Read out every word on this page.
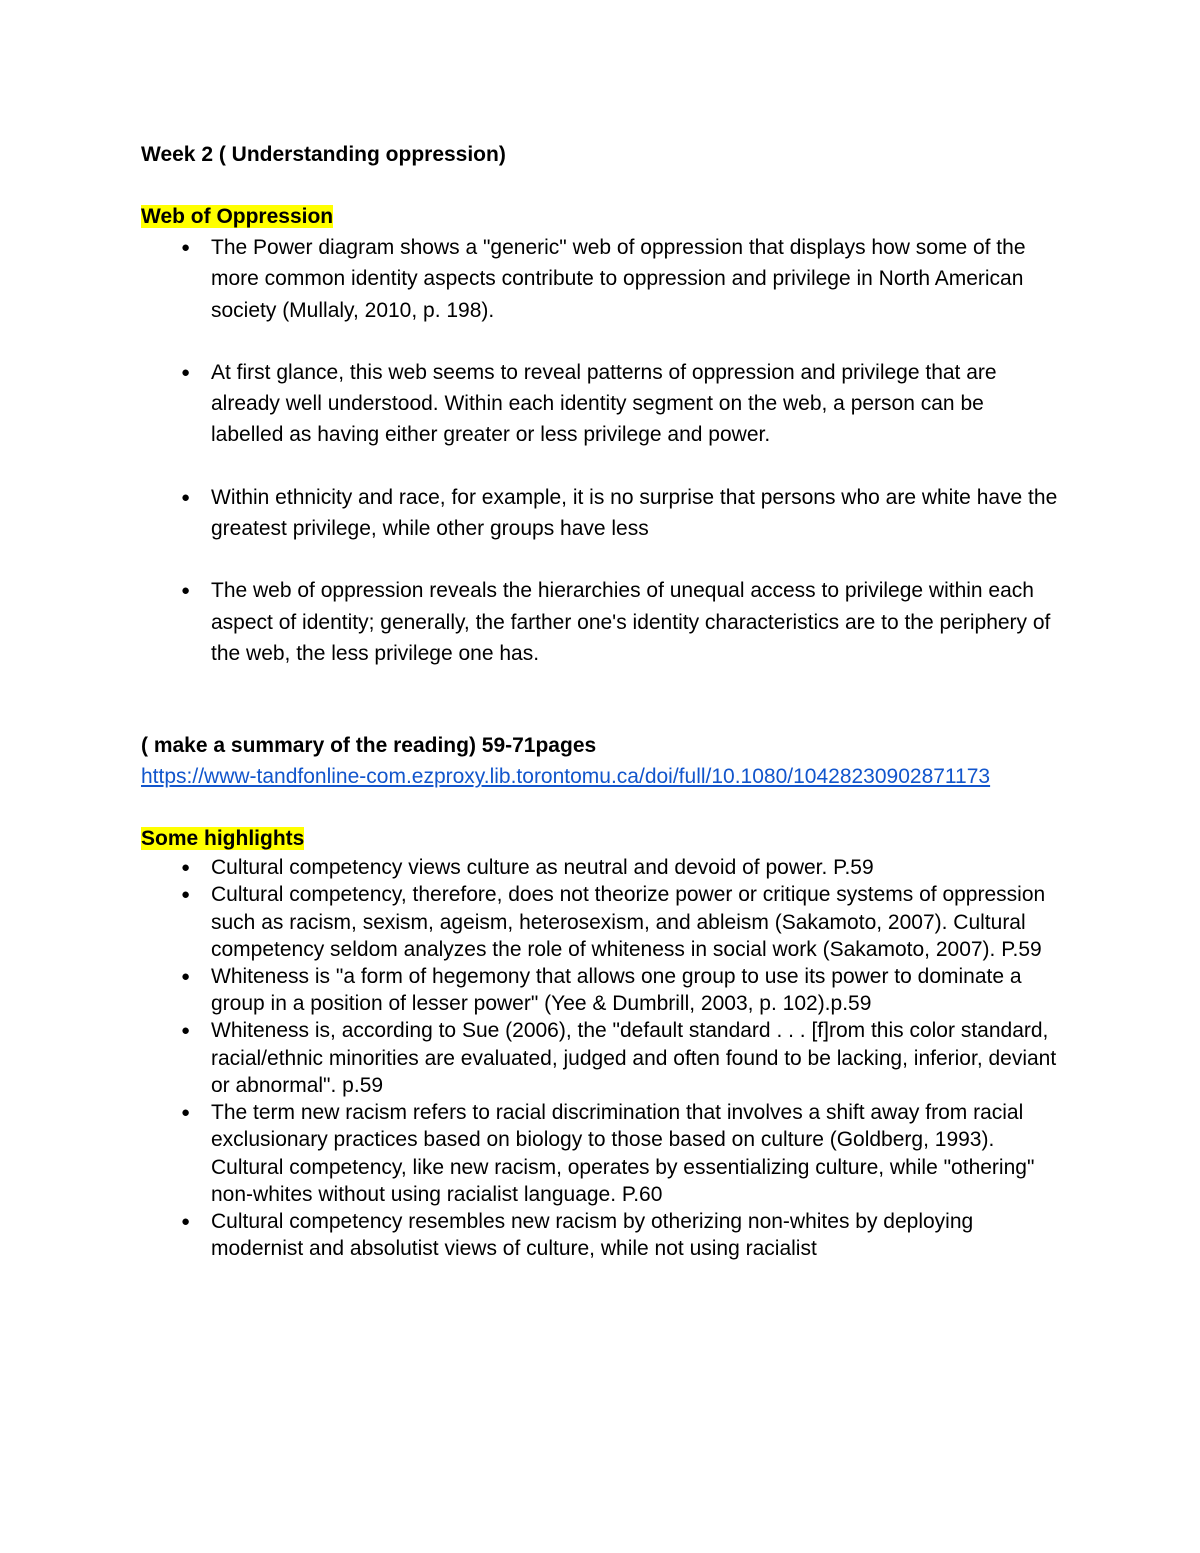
Week 2 ( Understanding oppression)

Web of Oppression

● The Power diagram shows a "generic" web of oppression that displays how some of the more common identity aspects contribute to oppression and privilege in North American society (Mullaly, 2010, p. 198).
● At first glance, this web seems to reveal patterns of oppression and privilege that are already well understood. Within each identity segment on the web, a person can be labelled as having either greater or less privilege and power.
● Within ethnicity and race, for example, it is no surprise that persons who are white have the greatest privilege, while other groups have less
● The web of oppression reveals the hierarchies of unequal access to privilege within each aspect of identity; generally, the farther one's identity characteristics are to the periphery of the web, the less privilege one has.

( make a summary of the reading) 59-71pages

https://www-tandfonline-com.ezproxy.lib.torontomu.ca/doi/full/10.1080/10428230902871173

Some highlights

● Cultural competency views culture as neutral and devoid of power. P.59
● Cultural competency, therefore, does not theorize power or critique systems of oppression such as racism, sexism, ageism, heterosexism, and ableism (Sakamoto, 2007). Cultural competency seldom analyzes the role of whiteness in social work (Sakamoto, 2007). P.59
● Whiteness is "a form of hegemony that allows one group to use its power to dominate a group in a position of lesser power" (Yee & Dumbrill, 2003, p. 102).p.59
● Whiteness is, according to Sue (2006), the "default standard . . . [f]rom this color standard, racial/ethnic minorities are evaluated, judged and often found to be lacking, inferior, deviant or abnormal". p.59
● The term new racism refers to racial discrimination that involves a shift away from racial exclusionary practices based on biology to those based on culture (Goldberg, 1993). Cultural competency, like new racism, operates by essentializing culture, while "othering" non-whites without using racialist language. P.60
● Cultural competency resembles new racism by otherizing non-whites by deploying modernist and absolutist views of culture, while not using racialist
